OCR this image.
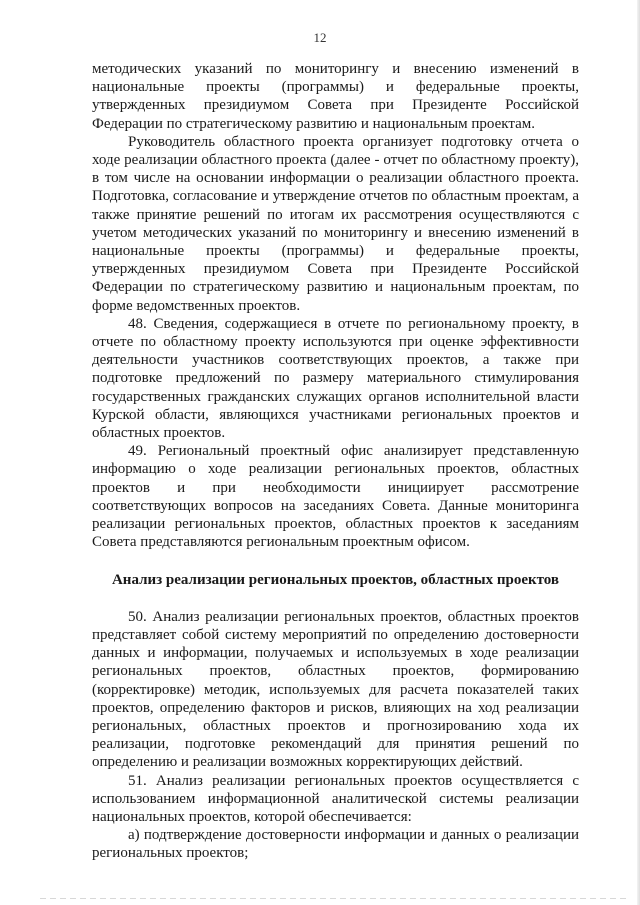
12

методических указаний по мониторингу и внесению изменений в национальные проекты (программы) и федеральные проекты, утвержденных президиумом Совета при Президенте Российской Федерации по стратегическому развитию и национальным проектам.

Руководитель областного проекта организует подготовку отчета о ходе реализации областного проекта (далее - отчет по областному проекту), в том числе на основании информации о реализации областного проекта. Подготовка, согласование и утверждение отчетов по областным проектам, а также принятие решений по итогам их рассмотрения осуществляются с учетом методических указаний по мониторингу и внесению изменений в национальные проекты (программы) и федеральные проекты, утвержденных президиумом Совета при Президенте Российской Федерации по стратегическому развитию и национальным проектам, по форме ведомственных проектов.

48. Сведения, содержащиеся в отчете по региональному проекту, в отчете по областному проекту используются при оценке эффективности деятельности участников соответствующих проектов, а также при подготовке предложений по размеру материального стимулирования государственных гражданских служащих органов исполнительной власти Курской области, являющихся участниками региональных проектов и областных проектов.

49. Региональный проектный офис анализирует представленную информацию о ходе реализации региональных проектов, областных проектов и при необходимости инициирует рассмотрение соответствующих вопросов на заседаниях Совета. Данные мониторинга реализации региональных проектов, областных проектов к заседаниям Совета представляются региональным проектным офисом.

Анализ реализации региональных проектов, областных проектов

50. Анализ реализации региональных проектов, областных проектов представляет собой систему мероприятий по определению достоверности данных и информации, получаемых и используемых в ходе реализации региональных проектов, областных проектов, формированию (корректировке) методик, используемых для расчета показателей таких проектов, определению факторов и рисков, влияющих на ход реализации региональных, областных проектов и прогнозированию хода их реализации, подготовке рекомендаций для принятия решений по определению и реализации возможных корректирующих действий.

51. Анализ реализации региональных проектов осуществляется с использованием информационной аналитической системы реализации национальных проектов, которой обеспечивается:

а) подтверждение достоверности информации и данных о реализации региональных проектов;
